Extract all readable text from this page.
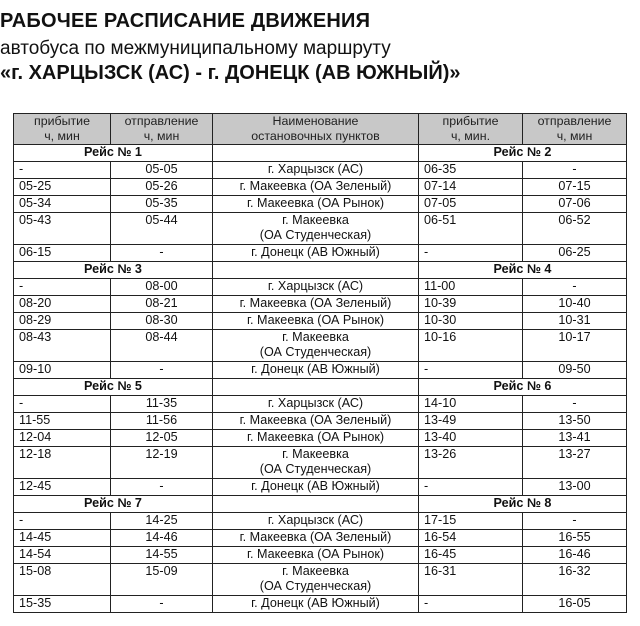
РАБОЧЕЕ РАСПИСАНИЕ ДВИЖЕНИЯ
автобуса по межмуниципальному маршруту
«г. ХАРЦЫЗСК (АС) - г. ДОНЕЦК (АВ ЮЖНЫЙ)»
прибытие
ч, мин	отправление
ч, мин	Наименование
остановочных пунктов	прибытие
ч, мин.	отправление
ч, мин

Рейс № 1			Рейс № 2	
-	05-05	г. Харцызск (АС)	06-35	-
05-25	05-26	г. Макеевка (ОА Зеленый)	07-14	07-15
05-34	05-35	г. Макеевка (ОА Рынок)	07-05	07-06
05-43	05-44	г. Макеевка
(ОА Студенческая)	06-51	06-52
06-15	-	г. Донецк (АВ Южный)	-	06-25
Рейс № 3			Рейс № 4	
-	08-00	г. Харцызск (АС)	11-00	-
08-20	08-21	г. Макеевка (ОА Зеленый)	10-39	10-40
08-29	08-30	г. Макеевка (ОА Рынок)	10-30	10-31
08-43	08-44	г. Макеевка
(ОА Студенческая)	10-16	10-17
09-10	-	г. Донецк (АВ Южный)	-	09-50
Рейс № 5			Рейс № 6	
-	11-35	г. Харцызск (АС)	14-10	-
11-55	11-56	г. Макеевка (ОА Зеленый)	13-49	13-50
12-04	12-05	г. Макеевка (ОА Рынок)	13-40	13-41
12-18	12-19	г. Макеевка
(ОА Студенческая)	13-26	13-27
12-45	-	г. Донецк (АВ Южный)	-	13-00
Рейс № 7			Рейс № 8	
-	14-25	г. Харцызск (АС)	17-15	-
14-45	14-46	г. Макеевка (ОА Зеленый)	16-54	16-55
14-54	14-55	г. Макеевка (ОА Рынок)	16-45	16-46
15-08	15-09	г. Макеевка
(ОА Студенческая)	16-31	16-32
15-35	-	г. Донецк (АВ Южный)	-	16-05
